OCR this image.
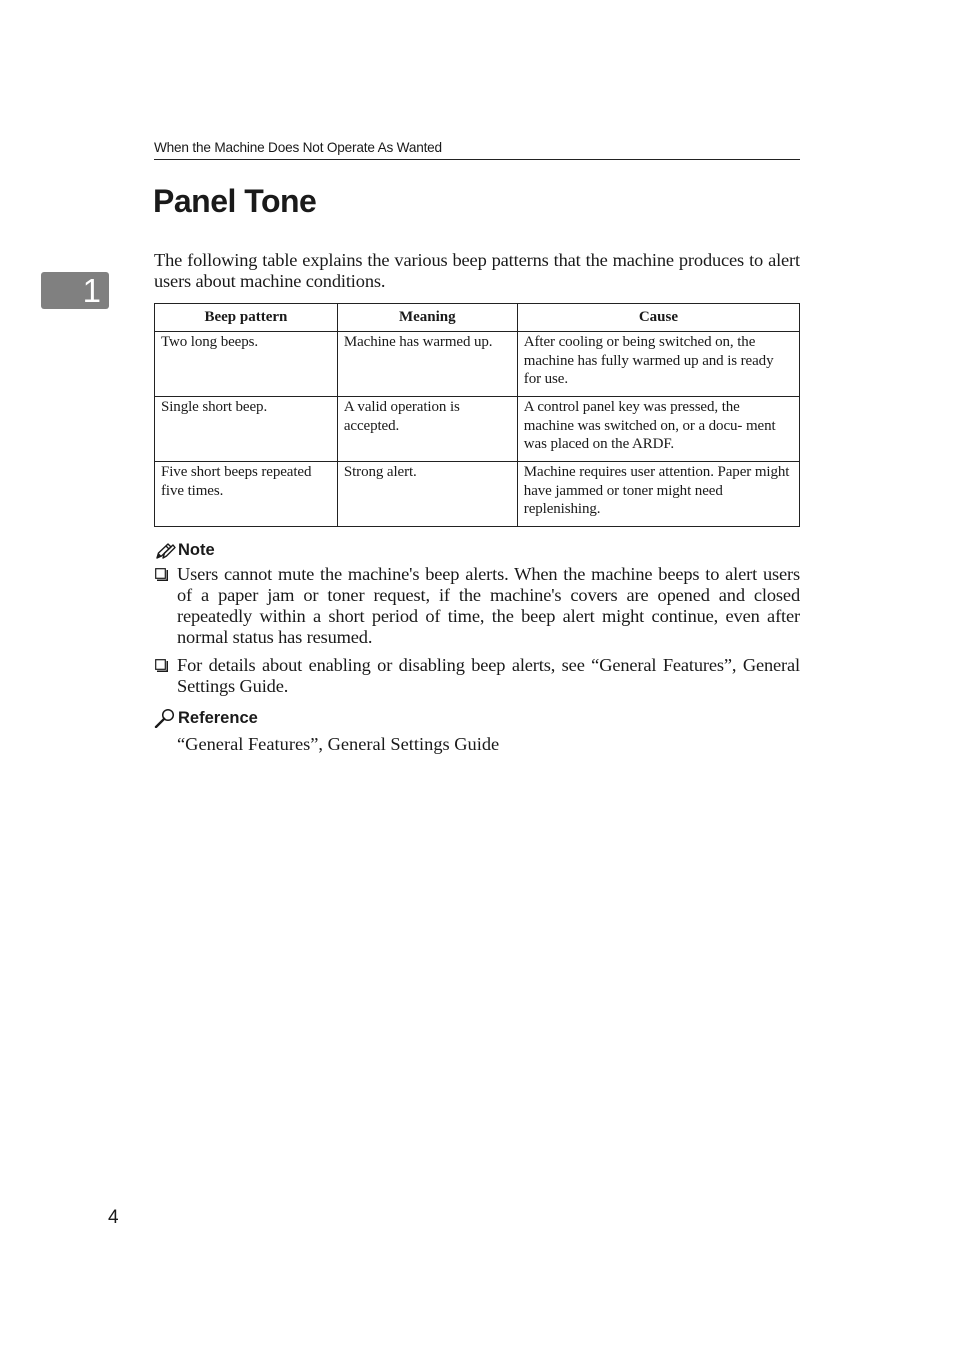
When the Machine Does Not Operate As Wanted
1
Panel Tone

The following table explains the various beep patterns that the machine produces to alert users about machine conditions.

Beep pattern	Meaning	Cause
Two long beeps.	Machine has warmed up.	After cooling or being switched on, the machine has fully warmed up and is ready for use.
Single short beep.	A valid operation is accepted.	A control panel key was pressed, the machine was switched on, or a docu- ment was placed on the ARDF.
Five short beeps repeated five times.	Strong alert.	Machine requires user attention. Paper might have jammed or toner might need replenishing.
Note
Users cannot mute the machine's beep alerts. When the machine beeps to alert users of a paper jam or toner request, if the machine's covers are opened and closed repeatedly within a short period of time, the beep alert might continue, even after normal status has resumed.
For details about enabling or disabling beep alerts, see “General Features”, General Settings Guide.
Reference

“General Features”, General Settings Guide

4
